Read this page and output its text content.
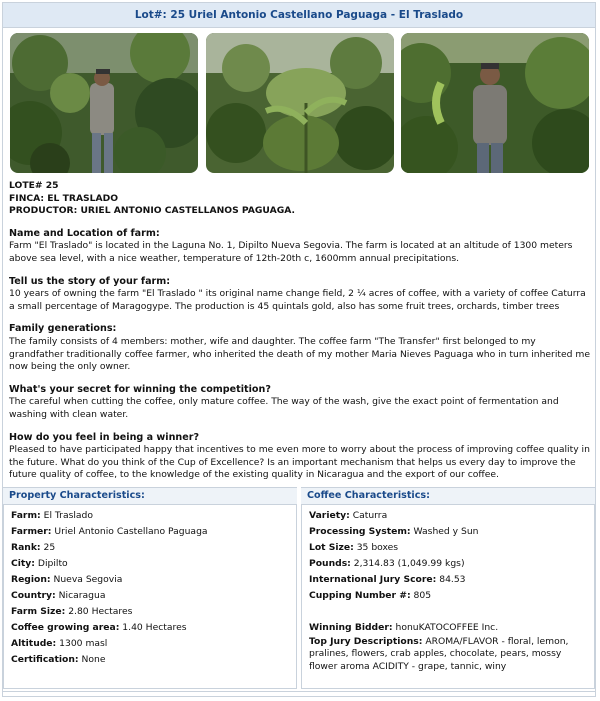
Lot#: 25 Uriel Antonio Castellano Paguaga - El Traslado

LOTE# 25

FINCA: EL TRASLADO

PRODUCTOR: URIEL ANTONIO CASTELLANOS PAGUAGA.

Name and Location of farm:

Farm "El Traslado" is located in the Laguna No. 1, Dipilto Nueva Segovia. The farm is located at an altitude of 1300 meters above sea level, with a nice weather, temperature of 12th-20th c, 1600mm annual precipitations.

Tell us the story of your farm:

10 years of owning the farm "El Traslado " its original name change field, 2 ¼ acres of coffee, with a variety of coffee Caturra a small percentage of Maragogype. The production is 45 quintals gold, also has some fruit trees, orchards, timber trees

Family generations:

The family consists of 4 members: mother, wife and daughter. The coffee farm "The Transfer" first belonged to my grandfather traditionally coffee farmer, who inherited the death of my mother Maria Nieves Paguaga who in turn inherited me now being the only owner.

What's your secret for winning the competition?

The careful when cutting the coffee, only mature coffee. The way of the wash, give the exact point of fermentation and washing with clean water.

How do you feel in being a winner?

Pleased to have participated happy that incentives to me even more to worry about the process of improving coffee quality in the future. What do you think of the Cup of Excellence? Is an important mechanism that helps us every day to improve the future quality of coffee, to the knowledge of the existing quality in Nicaragua and the export of our coffee.

Property Characteristics:
Farm: El Traslado
Farmer: Uriel Antonio Castellano Paguaga
Rank: 25
City: Dipilto
Region: Nueva Segovia
Country: Nicaragua
Farm Size: 2.80 Hectares
Coffee growing area: 1.40 Hectares
Altitude: 1300 masl
Certification: None
Coffee Characteristics:
Variety: Caturra
Processing System: Washed y Sun
Lot Size: 35 boxes
Pounds: 2,314.83 (1,049.99 kgs)
International Jury Score: 84.53
Cupping Number #: 805
Winning Bidder: honuKATOCOFFEE Inc.
Top Jury Descriptions: AROMA/FLAVOR - floral, lemon, pralines, flowers, crab apples, chocolate, pears, mossy flower aroma ACIDITY - grape, tannic, winy
